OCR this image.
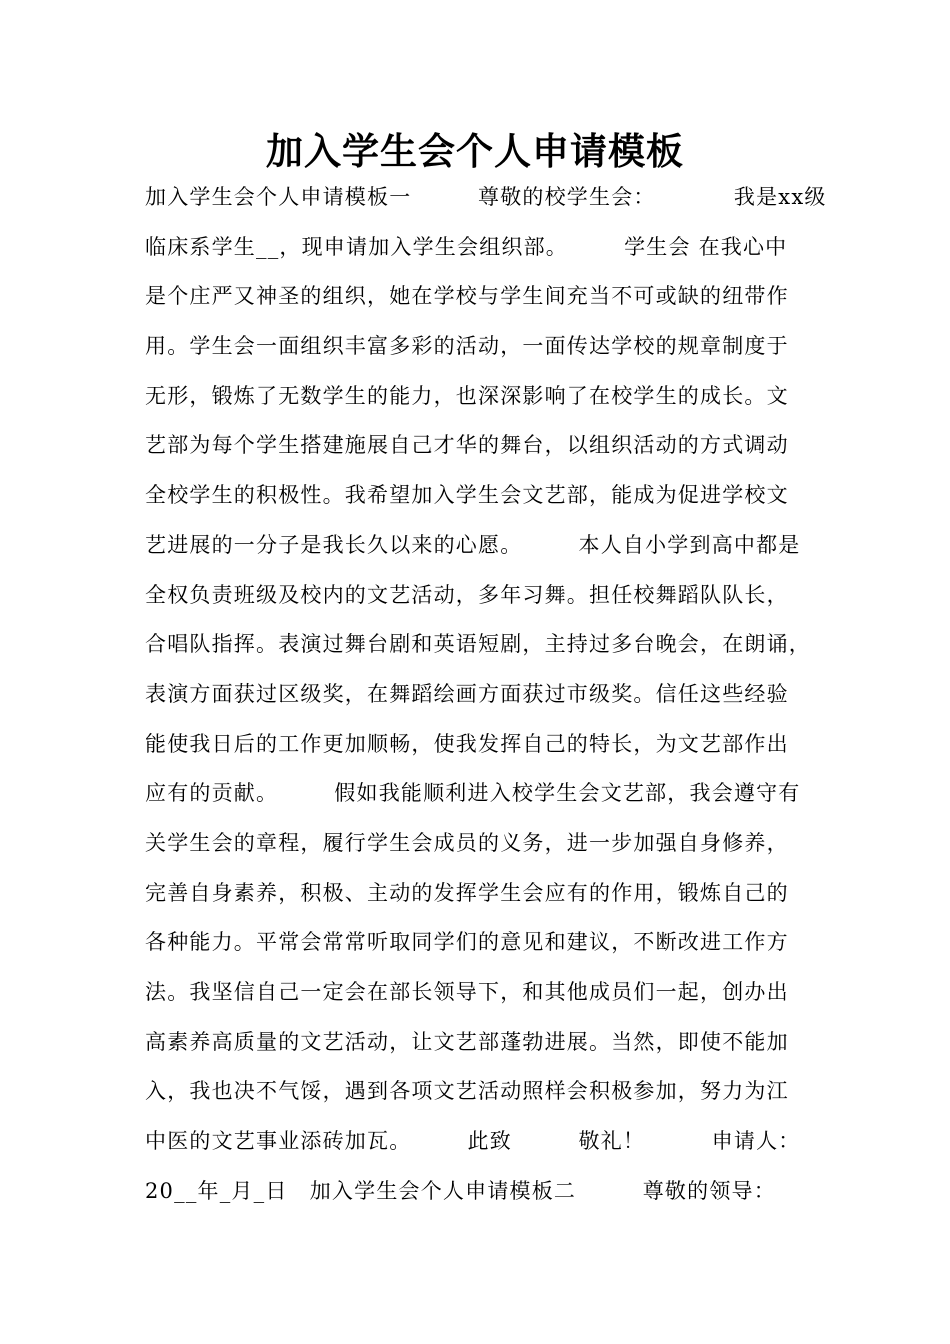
加入学生会个人申请模板
加入学生会个人申请模板一　　　尊敬的校学生会：　　　　我是xx级
临床系学生__，现申请加入学生会组织部。　　　学生会 在我心中
是个庄严又神圣的组织，她在学校与学生间充当不可或缺的纽带作
用。学生会一面组织丰富多彩的活动，一面传达学校的规章制度于
无形，锻炼了无数学生的能力，也深深影响了在校学生的成长。文
艺部为每个学生搭建施展自己才华的舞台，以组织活动的方式调动
全校学生的积极性。我希望加入学生会文艺部，能成为促进学校文
艺进展的一分子是我长久以来的心愿。　　　本人自小学到高中都是
全权负责班级及校内的文艺活动，多年习舞。担任校舞蹈队队长，
合唱队指挥。表演过舞台剧和英语短剧，主持过多台晚会，在朗诵，
表演方面获过区级奖，在舞蹈绘画方面获过市级奖。信任这些经验
能使我日后的工作更加顺畅，使我发挥自己的特长，为文艺部作出
应有的贡献。　　　假如我能顺利进入校学生会文艺部，我会遵守有
关学生会的章程，履行学生会成员的义务，进一步加强自身修养，
完善自身素养，积极、主动的发挥学生会应有的作用，锻炼自己的
各种能力。平常会常常听取同学们的意见和建议，不断改进工作方
法。我坚信自己一定会在部长领导下，和其他成员们一起，创办出
高素养高质量的文艺活动，让文艺部蓬勃进展。当然，即使不能加
入，我也决不气馁，遇到各项文艺活动照样会积极参加，努力为江
中医的文艺事业添砖加瓦。　　　此致　　　敬礼！　　　申请人：
20__年_月_日　加入学生会个人申请模板二　　　尊敬的领导：
